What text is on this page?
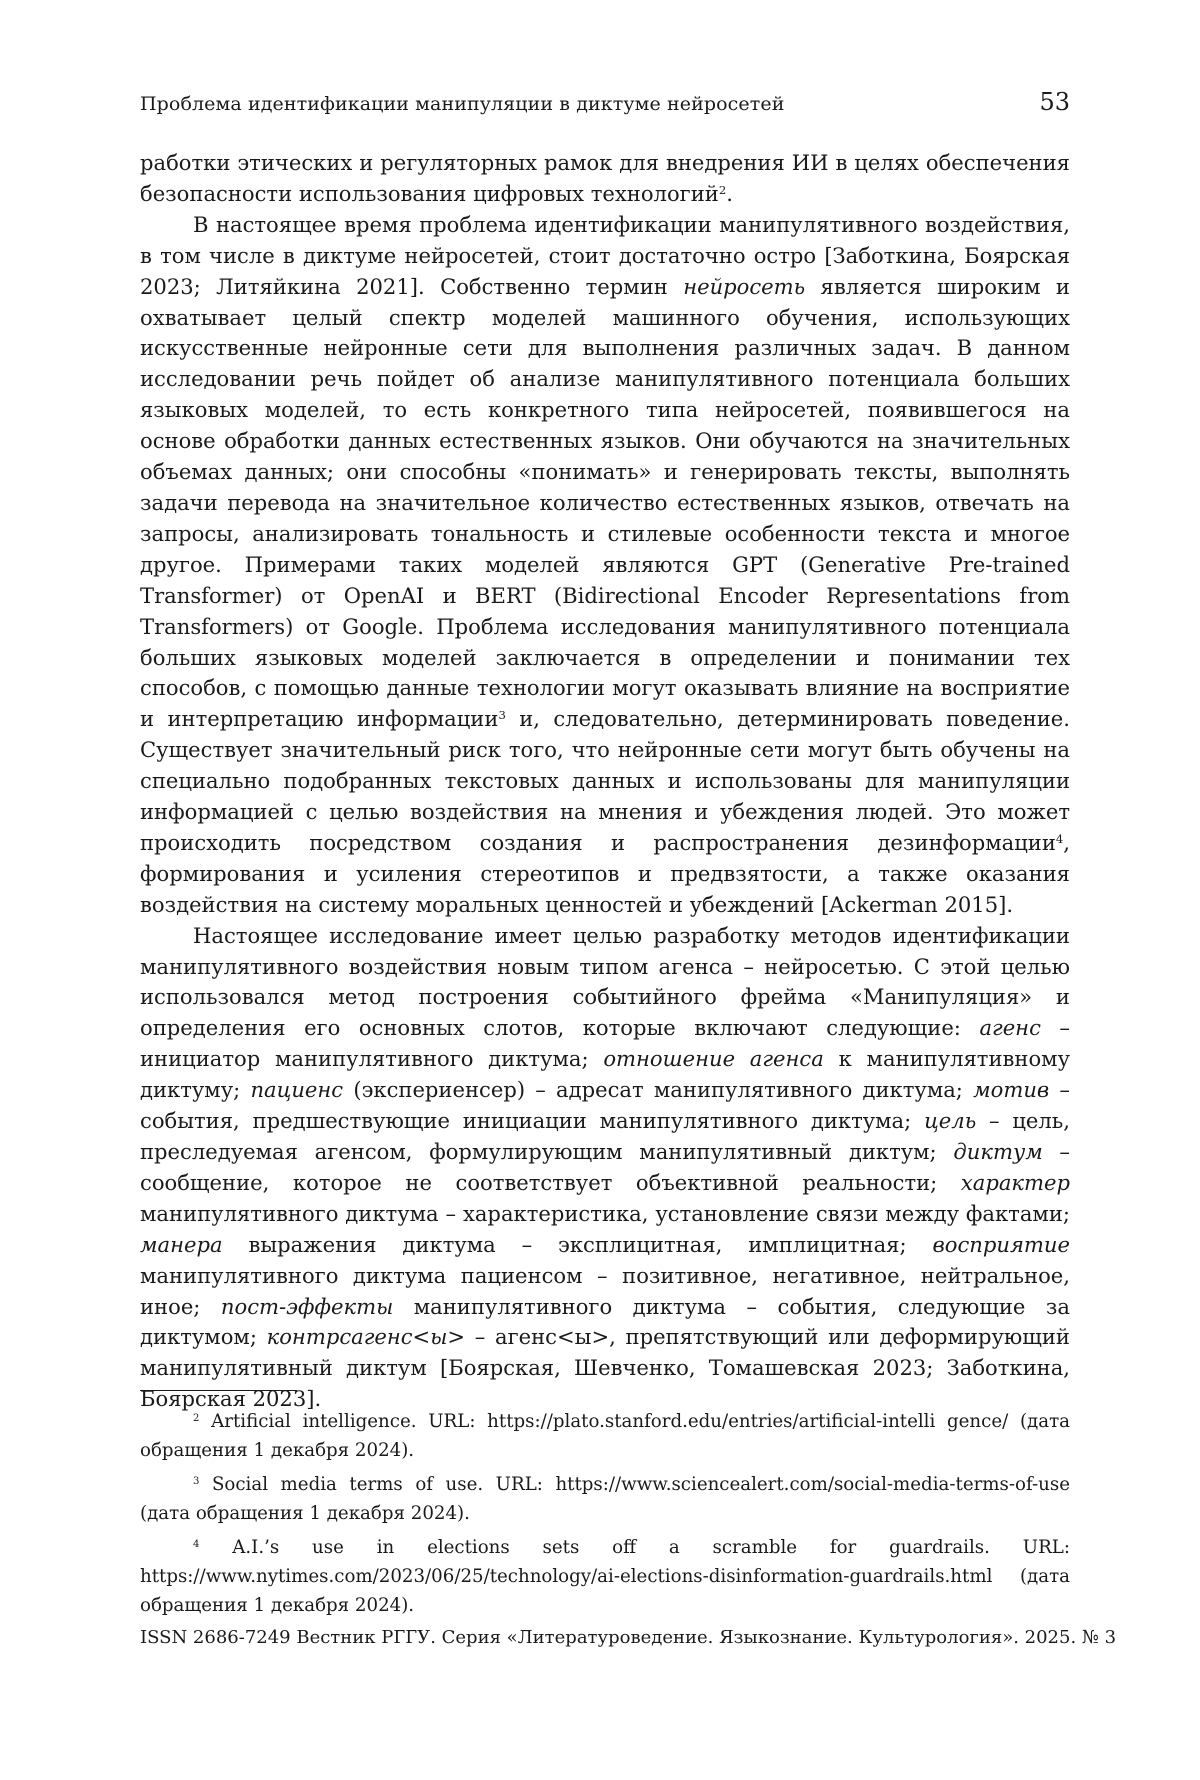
Проблема идентификации манипуляции в диктуме нейросетей	53

работки этических и регуляторных рамок для внедрения ИИ в целях обеспечения безопасности использования цифровых технологий2.

В настоящее время проблема идентификации манипулятивного воздействия, в том числе в диктуме нейросетей, стоит достаточно остро [Заботкина, Боярская 2023; Литяйкина 2021]. Собственно термин нейросеть является широким и охватывает целый спектр моделей машинного обучения, использующих искусственные нейронные сети для выполнения различных задач. В данном исследовании речь пойдет об анализе манипулятивного потенциала больших языковых моделей, то есть конкретного типа нейросетей, появившегося на основе обработки данных естественных языков. Они обучаются на значительных объемах данных; они способны «понимать» и генерировать тексты, выполнять задачи перевода на значительное количество естественных языков, отвечать на запросы, анализировать тональность и стилевые особенности текста и многое другое. Примерами таких моделей являются GPT (Generative Pre-trained Transformer) от OpenAI и BERT (Bidirectional Encoder Representations from Transformers) от Google. Проблема исследования манипулятивного потенциала больших языковых моделей заключается в определении и понимании тех способов, с помощью данные технологии могут оказывать влияние на восприятие и интерпретацию информации3 и, следовательно, детерминировать поведение. Существует значительный риск того, что нейронные сети могут быть обучены на специально подобранных текстовых данных и использованы для манипуляции информацией с целью воздействия на мнения и убеждения людей. Это может происходить посредством создания и распространения дезинформации4, формирования и усиления стереотипов и предвзятости, а также оказания воздействия на систему моральных ценностей и убеждений [Ackerman 2015].

Настоящее исследование имеет целью разработку методов идентификации манипулятивного воздействия новым типом агенса – нейросетью. С этой целью использовался метод построения событийного фрейма «Манипуляция» и определения его основных слотов, которые включают следующие: агенс – инициатор манипулятивного диктума; отношение агенса к манипулятивному диктуму; пациенс (экспериенсер) – адресат манипулятивного диктума; мотив – события, предшествующие инициации манипулятивного диктума; цель – цель, преследуемая агенсом, формулирующим манипулятивный диктум; диктум – сообщение, которое не соответствует объективной реальности; характер манипулятивного диктума – характеристика, установление связи между фактами; манера выражения диктума – эксплицитная, имплицитная; восприятие манипулятивного диктума пациенсом – позитивное, негативное, нейтральное, иное; пост-эффекты манипулятивного диктума – события, следующие за диктумом; контрсагенс<ы> – агенс<ы>, препятствующий или деформирующий манипулятивный диктум [Боярская, Шевченко, Томашевская 2023; Заботкина, Боярская 2023].

2 Artificial intelligence. URL: https://plato.stanford.edu/entries/artificial-intelli gence/ (дата обращения 1 декабря 2024).

3 Social media terms of use. URL: https://www.sciencealert.com/social-media-terms-of-use (дата обращения 1 декабря 2024).

4 A.I.’s use in elections sets off a scramble for guardrails. URL: https://www.nytimes.com/2023/06/25/technology/ai-elections-disinformation-guardrails.html (дата обращения 1 декабря 2024).

ISSN 2686-7249 Вестник РГГУ. Серия «Литературоведение. Языкознание. Культурология». 2025. № 3
